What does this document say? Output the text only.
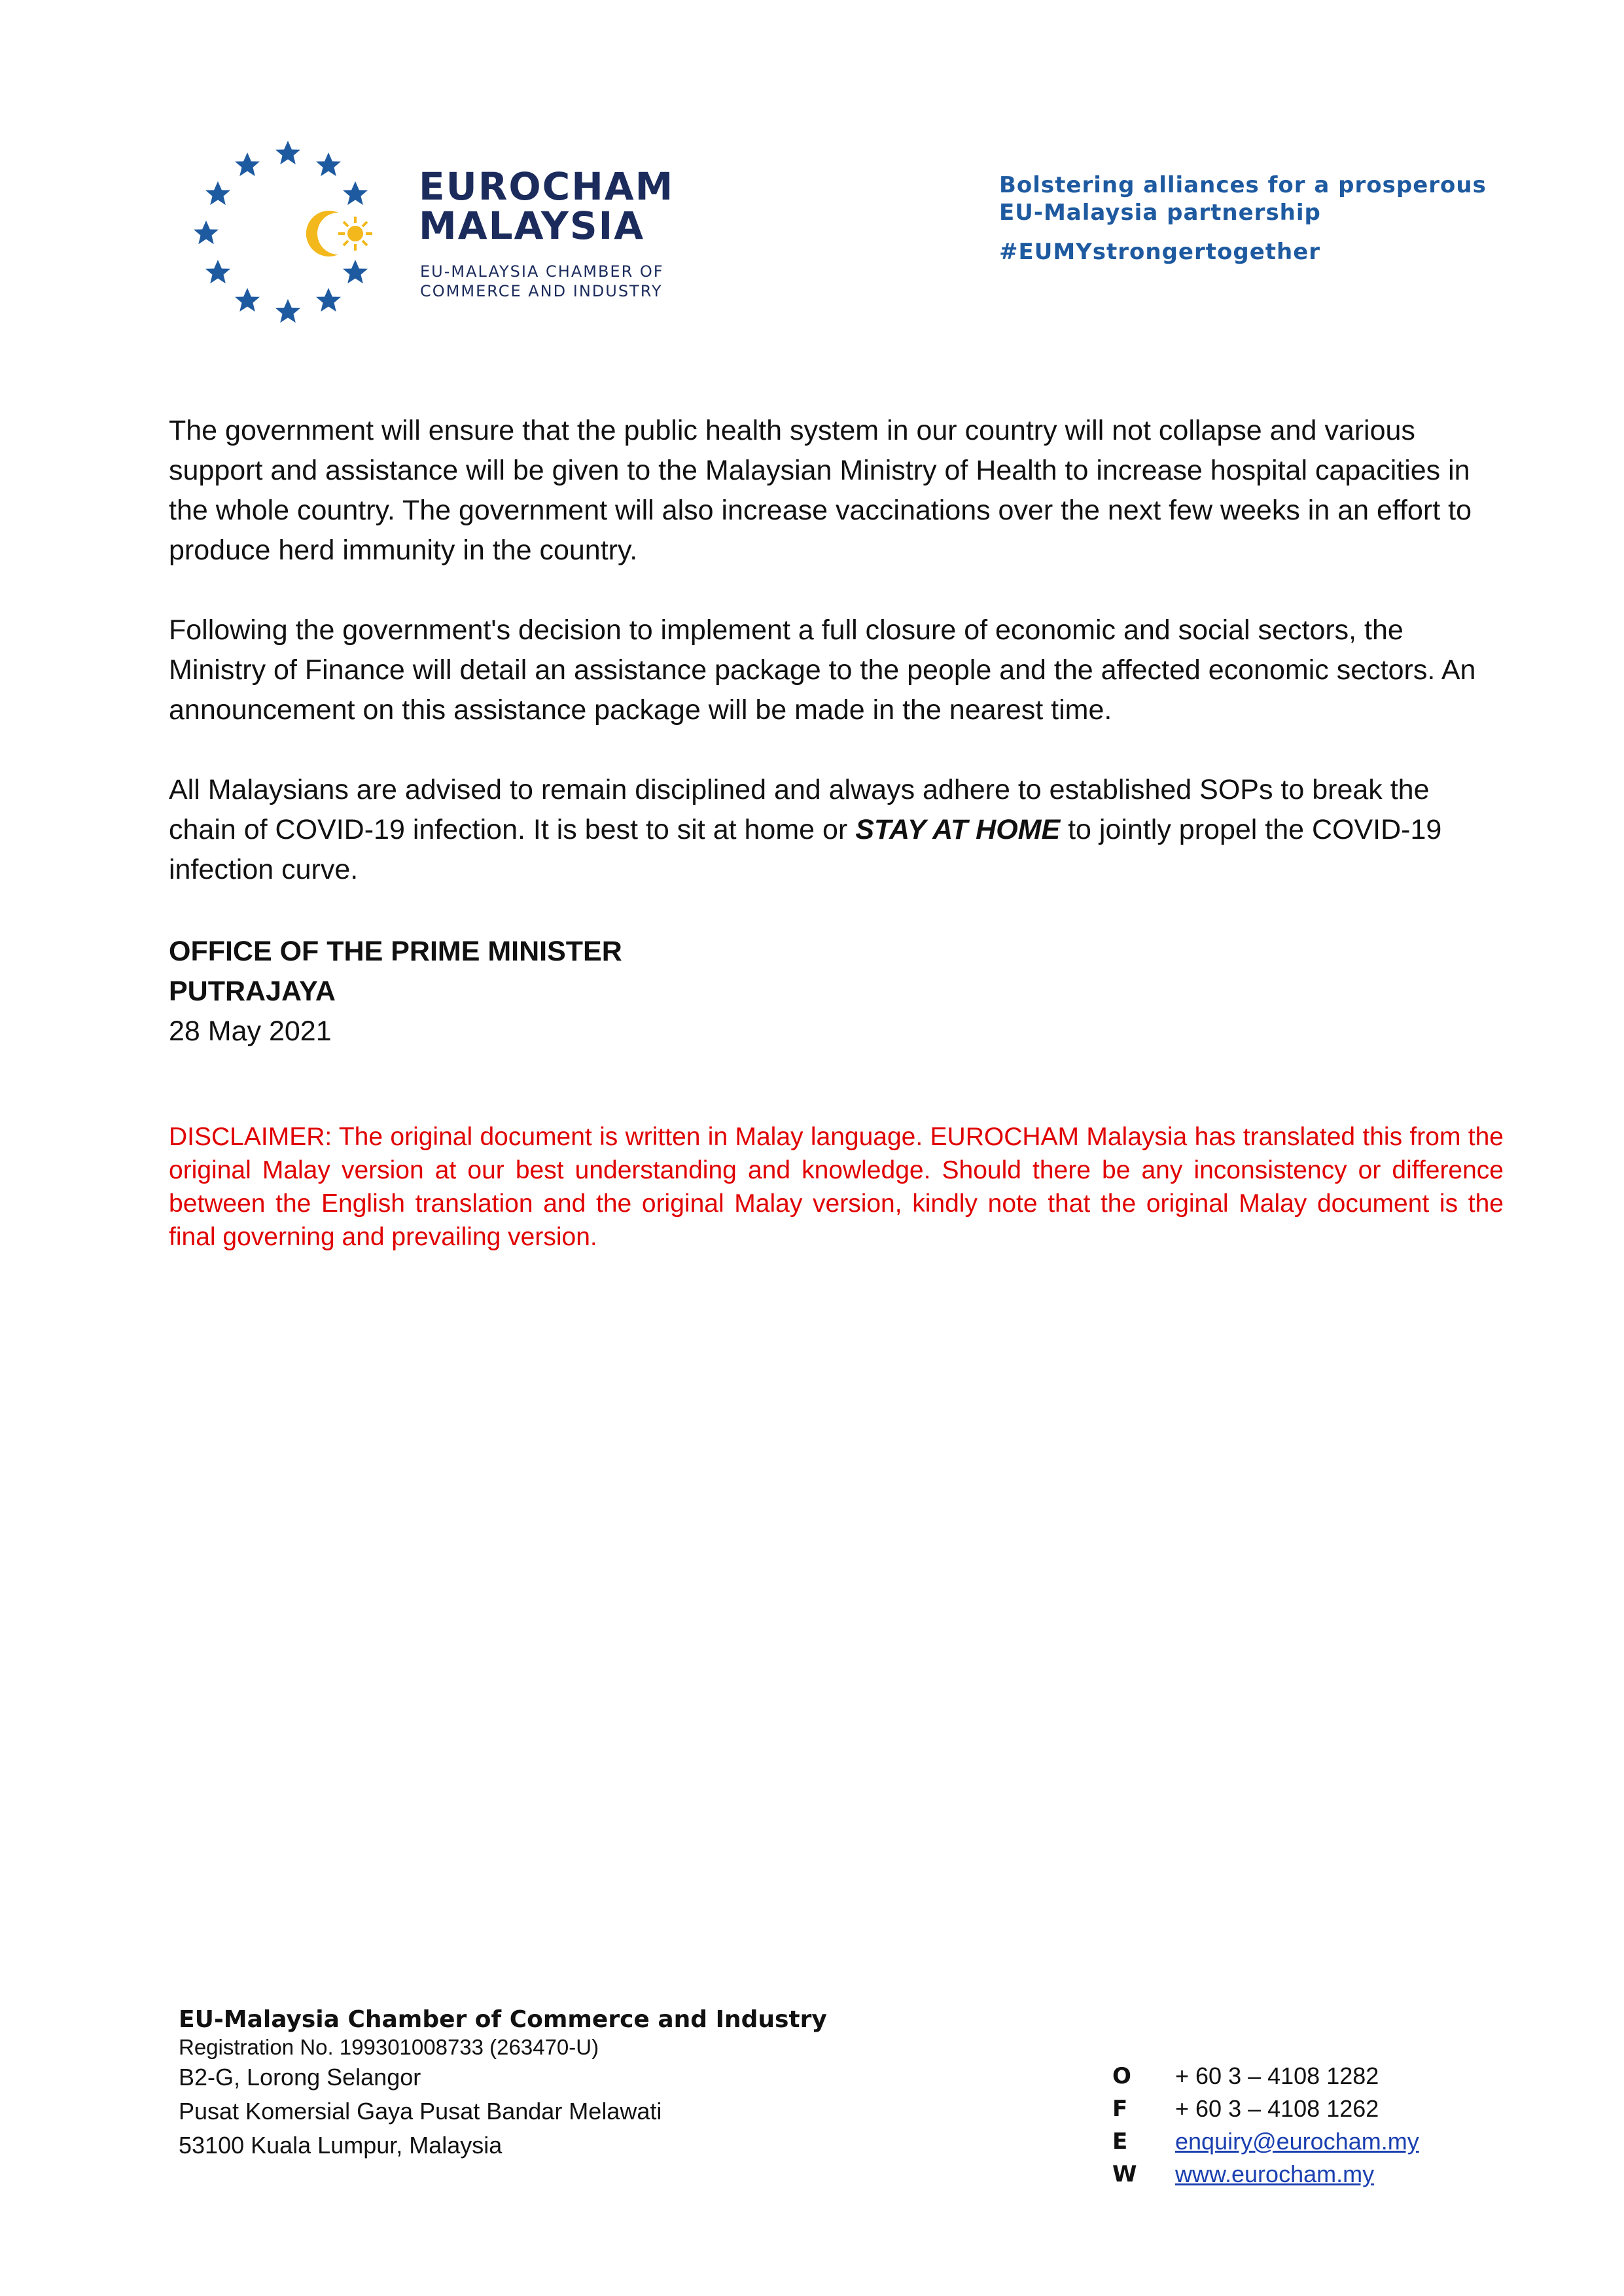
EUROCHAM
MALAYSIA
EU-MALAYSIA CHAMBER OF
COMMERCE AND INDUSTRY
Bolstering alliances for a prosperous
EU-Malaysia partnership
#EUMYstrongertogether

The government will ensure that the public health system in our country will not collapse and various support and assistance will be given to the Malaysian Ministry of Health to increase hospital capacities in the whole country. The government will also increase vaccinations over the next few weeks in an effort to produce herd immunity in the country.

Following the government's decision to implement a full closure of economic and social sectors, the Ministry of Finance will detail an assistance package to the people and the affected economic sectors. An announcement on this assistance package will be made in the nearest time.

All Malaysians are advised to remain disciplined and always adhere to established SOPs to break the chain of COVID-19 infection. It is best to sit at home or STAY AT HOME to jointly propel the COVID-19 infection curve.

OFFICE OF THE PRIME MINISTER
PUTRAJAYA
28 May 2021
DISCLAIMER: The original document is written in Malay language. EUROCHAM Malaysia has translated this from the original Malay version at our best understanding and knowledge. Should there be any inconsistency or difference between the English translation and the original Malay version, kindly note that the original Malay document is the final governing and prevailing version.
EU-Malaysia Chamber of Commerce and Industry
Registration No. 199301008733 (263470-U)
B2-G, Lorong Selangor
Pusat Komersial Gaya Pusat Bandar Melawati
53100 Kuala Lumpur, Malaysia
O	+ 60 3 – 4108 1282
F	+ 60 3 – 4108 1262
E	enquiry@eurocham.my
W	www.eurocham.my
